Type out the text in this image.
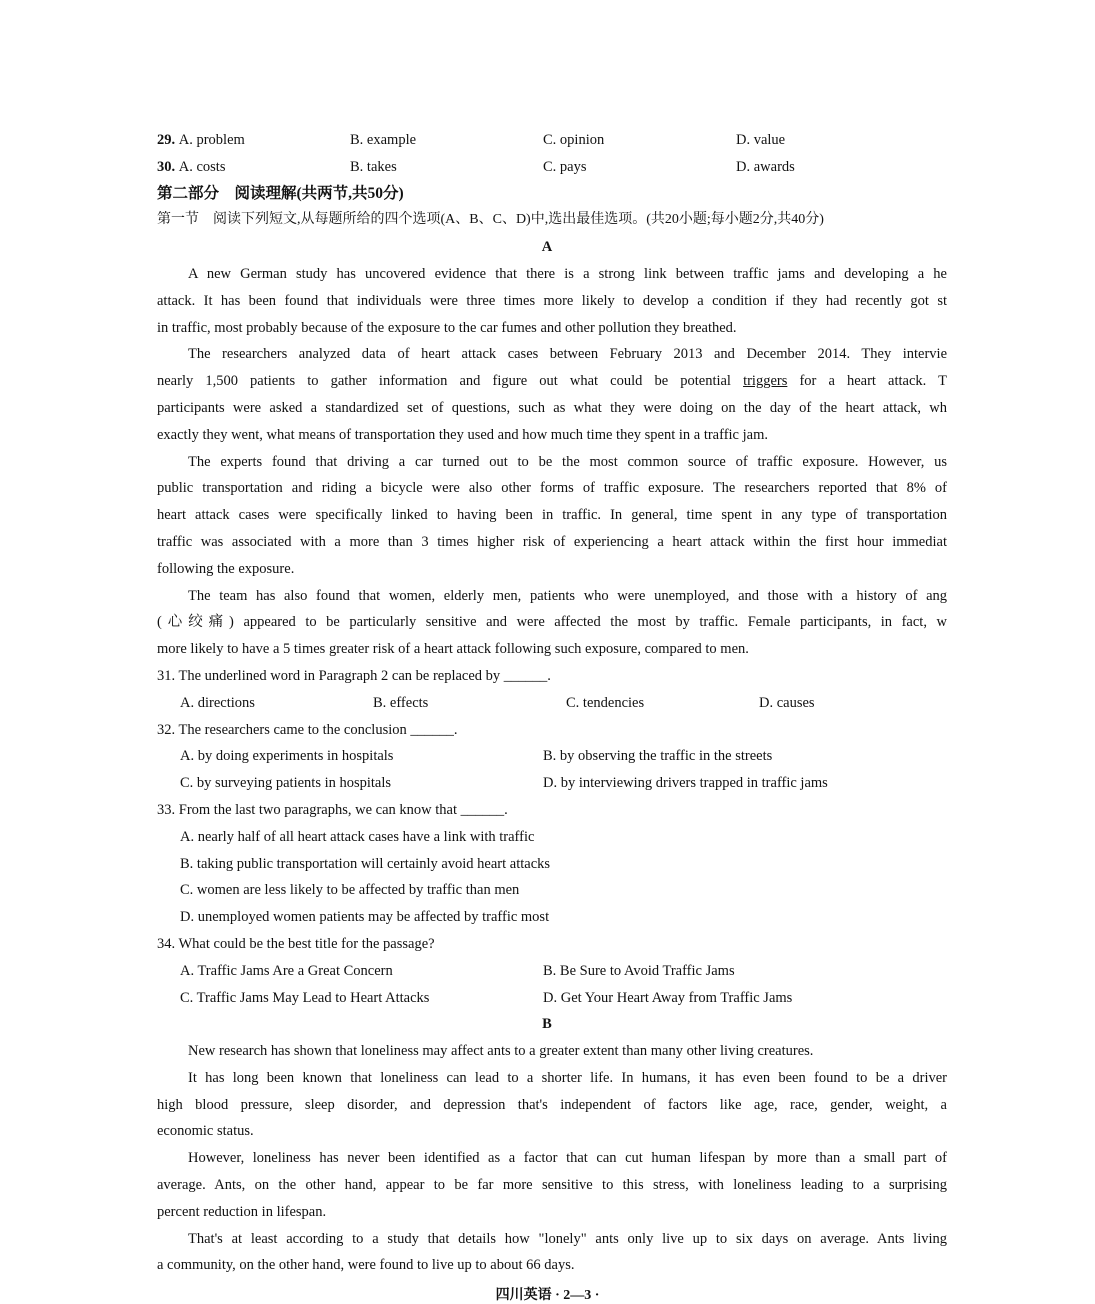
29. A. problem	B. example	C. opinion	D. value
30. A. costs	B. takes	C. pays	D. awards
第二部分　阅读理解(共两节,共50分)
第一节　阅读下列短文,从每题所给的四个选项(A、B、C、D)中,选出最佳选项。(共20小题;每小题2分,共40分)
A
A new German study has uncovered evidence that there is a strong link between traffic jams and developing a he
attack. It has been found that individuals were three times more likely to develop a condition if they had recently got st
in traffic, most probably because of the exposure to the car fumes and other pollution they breathed.
The researchers analyzed data of heart attack cases between February 2013 and December 2014. They intervie
nearly 1,500 patients to gather information and figure out what could be potential triggers for a heart attack. T
participants were asked a standardized set of questions, such as what they were doing on the day of the heart attack, wh
exactly they went, what means of transportation they used and how much time they spent in a traffic jam.
The experts found that driving a car turned out to be the most common source of traffic exposure. However, us
public transportation and riding a bicycle were also other forms of traffic exposure. The researchers reported that 8% of
heart attack cases were specifically linked to having been in traffic. In general, time spent in any type of transportation
traffic was associated with a more than 3 times higher risk of experiencing a heart attack within the first hour immediat
following the exposure.
The team has also found that women, elderly men, patients who were unemployed, and those with a history of ang
(心绞痛) appeared to be particularly sensitive and were affected the most by traffic. Female participants, in fact, w
more likely to have a 5 times greater risk of a heart attack following such exposure, compared to men.
31. The underlined word in Paragraph 2 can be replaced by ______.
A. directions	B. effects	C. tendencies	D. causes
32. The researchers came to the conclusion ______.
A. by doing experiments in hospitals	B. by observing the traffic in the streets
C. by surveying patients in hospitals	D. by interviewing drivers trapped in traffic jams
33. From the last two paragraphs, we can know that ______.
A. nearly half of all heart attack cases have a link with traffic
B. taking public transportation will certainly avoid heart attacks
C. women are less likely to be affected by traffic than men
D. unemployed women patients may be affected by traffic most
34. What could be the best title for the passage?
A. Traffic Jams Are a Great Concern	B. Be Sure to Avoid Traffic Jams
C. Traffic Jams May Lead to Heart Attacks	D. Get Your Heart Away from Traffic Jams
B
New research has shown that loneliness may affect ants to a greater extent than many other living creatures.
It has long been known that loneliness can lead to a shorter life. In humans, it has even been found to be a driver
high blood pressure, sleep disorder, and depression that's independent of factors like age, race, gender, weight, a
economic status.
However, loneliness has never been identified as a factor that can cut human lifespan by more than a small part of
average. Ants, on the other hand, appear to be far more sensitive to this stress, with loneliness leading to a surprising
percent reduction in lifespan.
That's at least according to a study that details how "lonely" ants only live up to six days on average. Ants living
a community, on the other hand, were found to live up to about 66 days.
四川英语 · 2—3 ·
